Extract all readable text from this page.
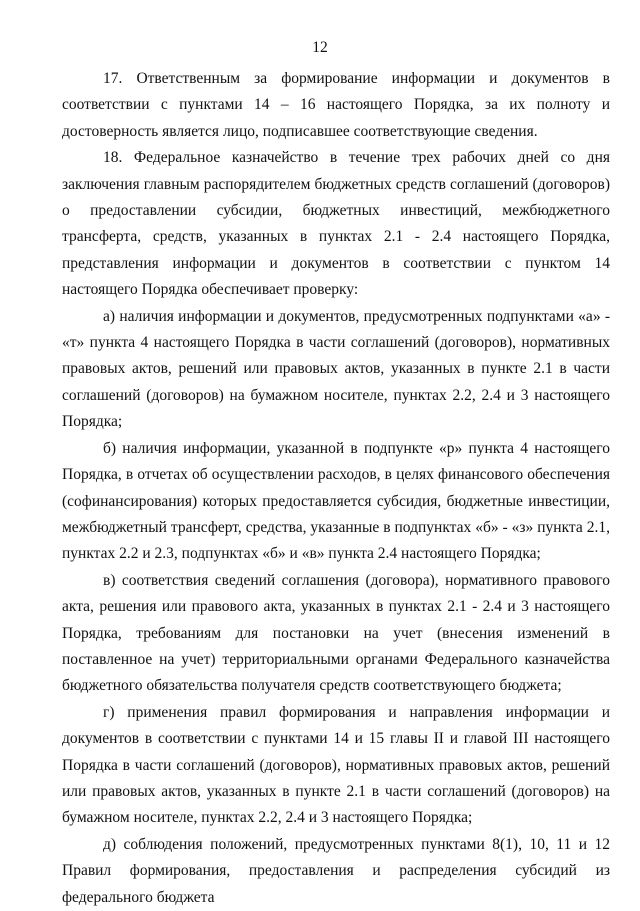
12

17. Ответственным за формирование информации и документов в соответствии с пунктами 14 – 16 настоящего Порядка, за их полноту и достоверность является лицо, подписавшее соответствующие сведения.

18. Федеральное казначейство в течение трех рабочих дней со дня заключения главным распорядителем бюджетных средств соглашений (договоров) о предоставлении субсидии, бюджетных инвестиций, межбюджетного трансферта, средств, указанных в пунктах 2.1 - 2.4 настоящего Порядка, представления информации и документов в соответствии с пунктом 14 настоящего Порядка обеспечивает проверку:

а) наличия информации и документов, предусмотренных подпунктами «а» - «т» пункта 4 настоящего Порядка в части соглашений (договоров), нормативных правовых актов, решений или правовых актов, указанных в пункте 2.1 в части соглашений (договоров) на бумажном носителе, пунктах 2.2, 2.4 и 3 настоящего Порядка;

б) наличия информации, указанной в подпункте «р» пункта 4 настоящего Порядка, в отчетах об осуществлении расходов, в целях финансового обеспечения (софинансирования) которых предоставляется субсидия, бюджетные инвестиции, межбюджетный трансферт, средства, указанные в подпунктах «б» - «з» пункта 2.1, пунктах 2.2 и 2.3, подпунктах «б» и «в» пункта 2.4 настоящего Порядка;

в) соответствия сведений соглашения (договора), нормативного правового акта, решения или правового акта, указанных в пунктах 2.1 - 2.4 и 3 настоящего Порядка, требованиям для постановки на учет (внесения изменений в поставленное на учет) территориальными органами Федерального казначейства бюджетного обязательства получателя средств соответствующего бюджета;

г) применения правил формирования и направления информации и документов в соответствии с пунктами 14 и 15 главы II и главой III настоящего Порядка в части соглашений (договоров), нормативных правовых актов, решений или правовых актов, указанных в пункте 2.1 в части соглашений (договоров) на бумажном носителе, пунктах 2.2, 2.4 и 3 настоящего Порядка;

д) соблюдения положений, предусмотренных пунктами 8(1), 10, 11 и 12 Правил формирования, предоставления и распределения субсидий из федерального бюджета
